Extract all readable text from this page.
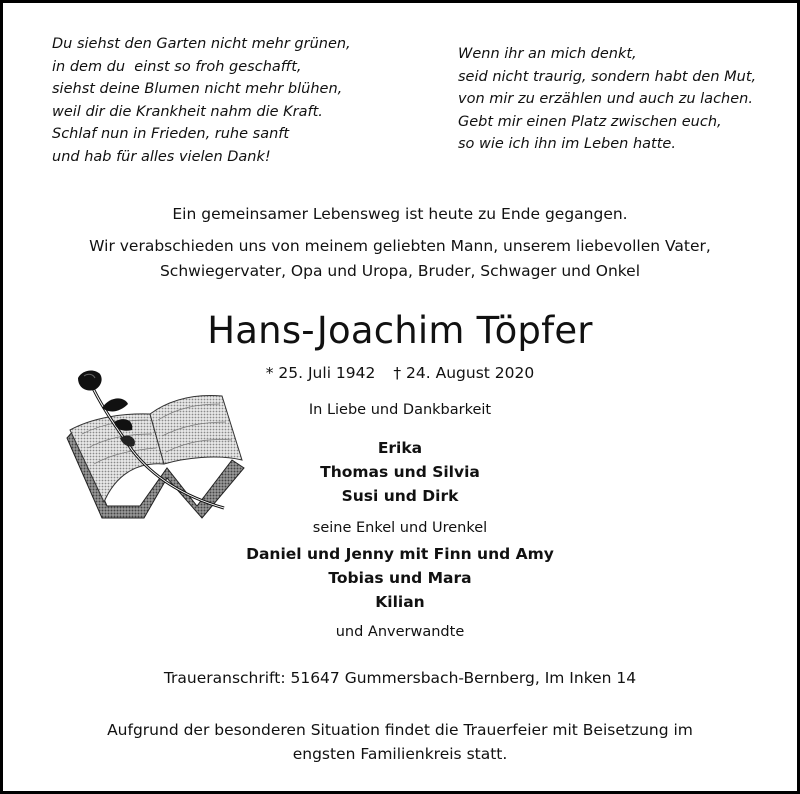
Du siehst den Garten nicht mehr grünen,
in dem du  einst so froh geschafft,
siehst deine Blumen nicht mehr blühen,
weil dir die Krankheit nahm die Kraft.
Schlaf nun in Frieden, ruhe sanft
und hab für alles vielen Dank!
Wenn ihr an mich denkt,
seid nicht traurig, sondern habt den Mut,
von mir zu erzählen und auch zu lachen.
Gebt mir einen Platz zwischen euch,
so wie ich ihn im Leben hatte.
Ein gemeinsamer Lebensweg ist heute zu Ende gegangen.
Wir verabschieden uns von meinem geliebten Mann, unserem liebevollen Vater,
Schwiegervater, Opa und Uropa, Bruder, Schwager und Onkel
Hans-Joachim Töpfer
* 25. Juli 1942 † 24. August 2020
In Liebe und Dankbarkeit
Erika
Thomas und Silvia
Susi und Dirk
seine Enkel und Urenkel
Daniel und Jenny mit Finn und Amy
Tobias und Mara
Kilian
und Anverwandte
Traueranschrift: 51647 Gummersbach-Bernberg, Im Inken 14
Aufgrund der besonderen Situation findet die Trauerfeier mit Beisetzung im
engsten Familienkreis statt.
